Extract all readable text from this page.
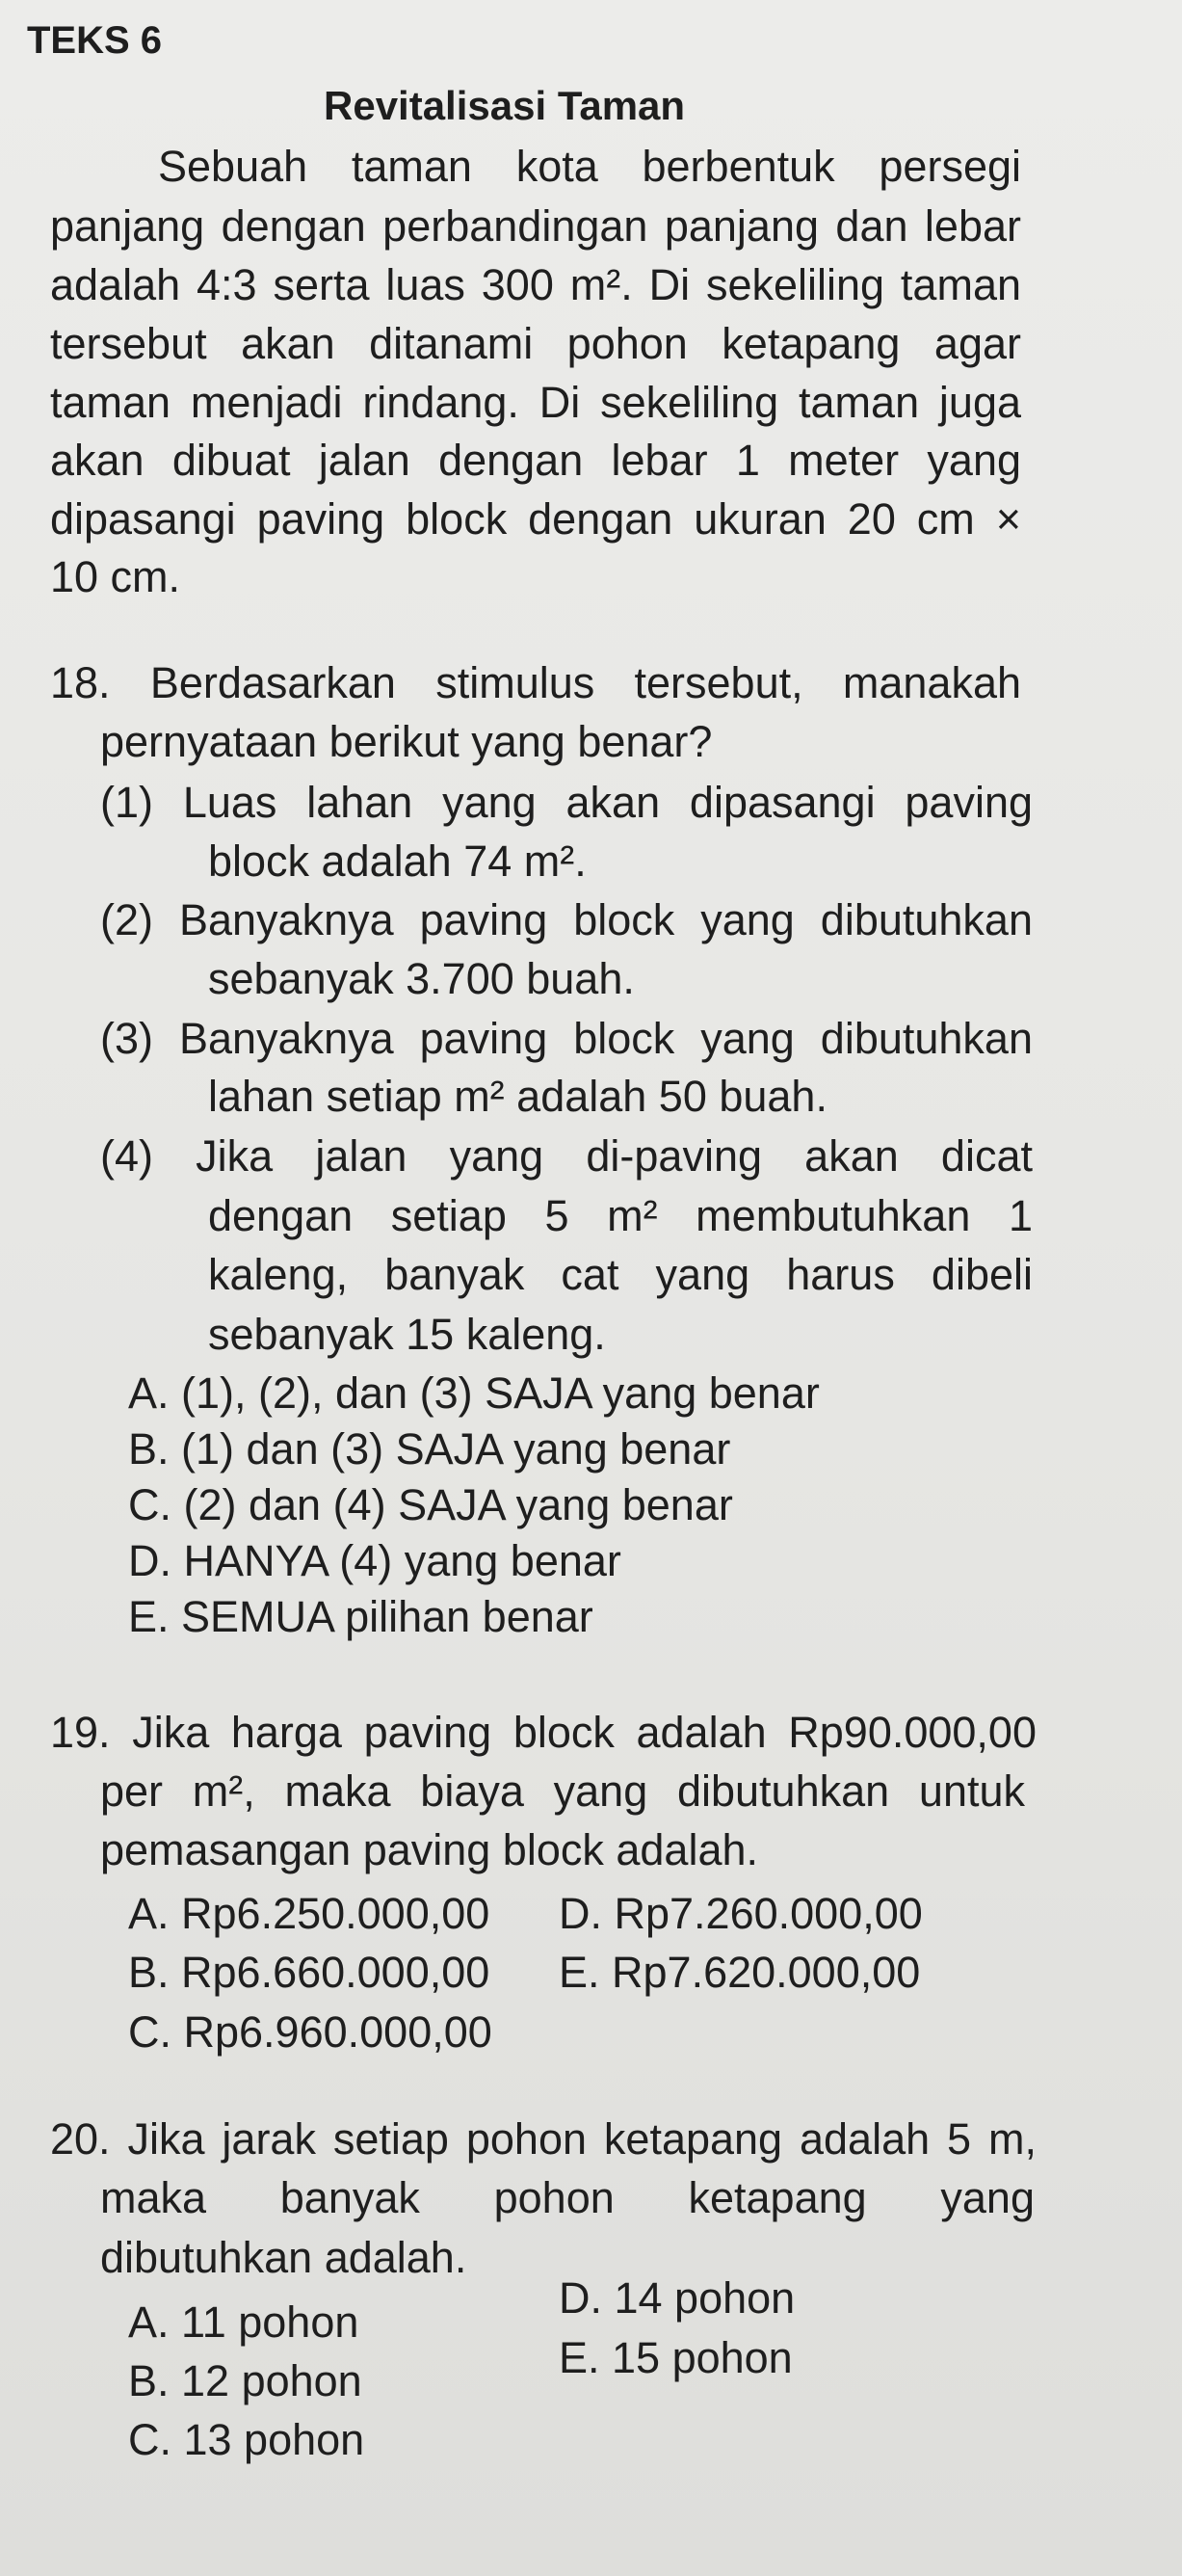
TEKS 6
Revitalisasi Taman
Sebuah taman kota berbentuk persegi
panjang dengan perbandingan panjang dan lebar
adalah 4:3 serta luas 300 m². Di sekeliling taman
tersebut akan ditanami pohon ketapang agar
taman menjadi rindang. Di sekeliling taman juga
akan dibuat jalan dengan lebar 1 meter yang
dipasangi paving block dengan ukuran 20 cm ×
10 cm.
18. Berdasarkan stimulus tersebut, manakah
pernyataan berikut yang benar?
(1) Luas lahan yang akan dipasangi paving
block adalah 74 m².
(2) Banyaknya paving block yang dibutuhkan
sebanyak 3.700 buah.
(3) Banyaknya paving block yang dibutuhkan
lahan setiap m² adalah 50 buah.
(4) Jika jalan yang di-paving akan dicat
dengan setiap 5 m² membutuhkan 1
kaleng, banyak cat yang harus dibeli
sebanyak 15 kaleng.
A. (1), (2), dan (3) SAJA yang benar
B. (1) dan (3) SAJA yang benar
C. (2) dan (4) SAJA yang benar
D. HANYA (4) yang benar
E. SEMUA pilihan benar
19. Jika harga paving block adalah Rp90.000,00
per m², maka biaya yang dibutuhkan untuk
pemasangan paving block adalah.
A. Rp6.250.000,00
B. Rp6.660.000,00
C. Rp6.960.000,00
D. Rp7.260.000,00
E. Rp7.620.000,00
20. Jika jarak setiap pohon ketapang adalah 5 m,
maka banyak pohon ketapang yang
dibutuhkan adalah.
A. 11 pohon
B. 12 pohon
C. 13 pohon
D. 14 pohon
E. 15 pohon
